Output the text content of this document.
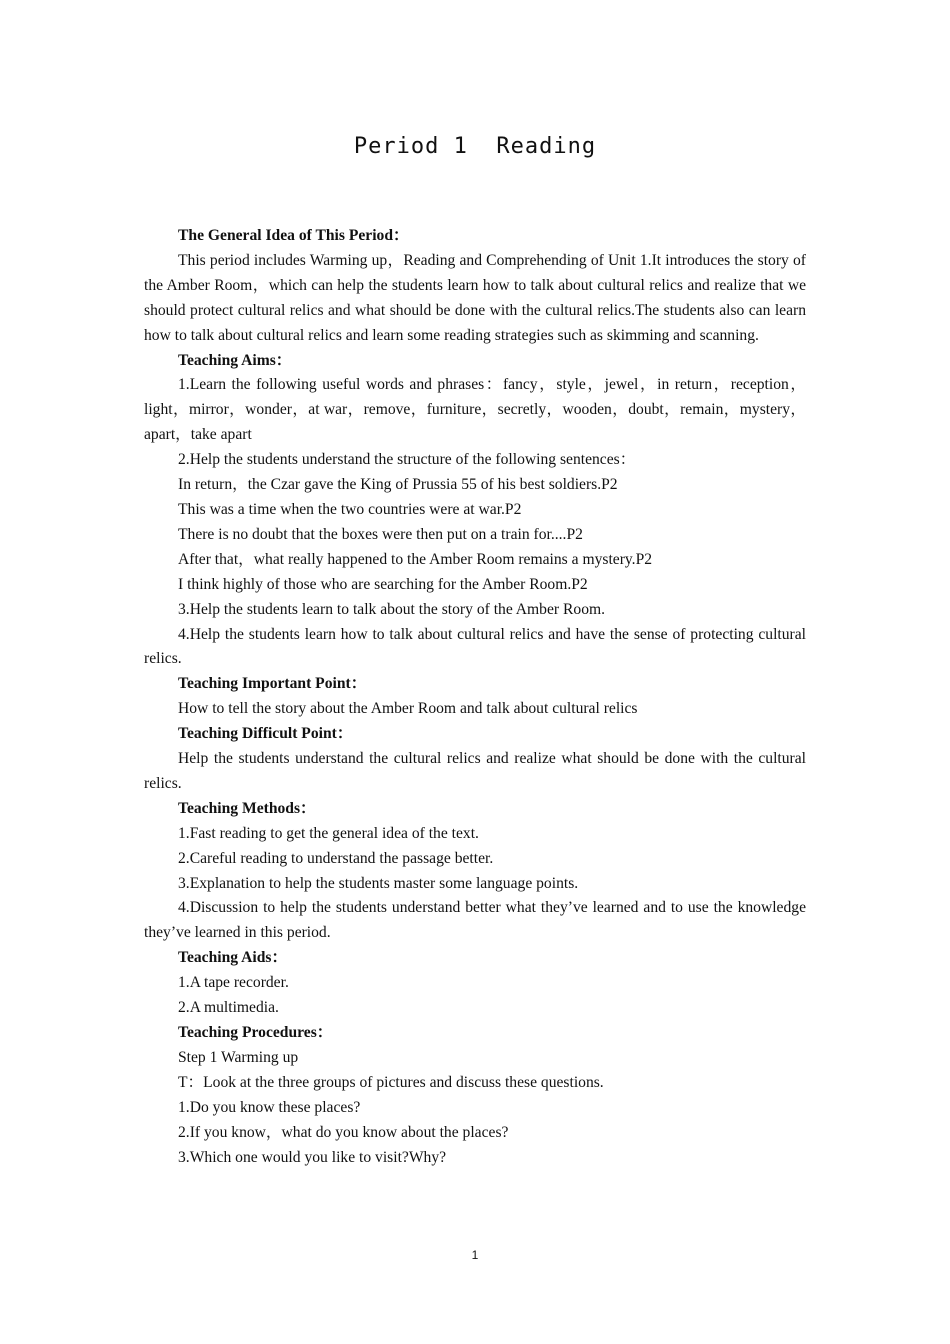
Period 1  Reading

The General Idea of This Period：

This period includes Warming up，Reading and Comprehending of Unit 1.It introduces the story of the Amber Room，which can help the students learn how to talk about cultural relics and realize that we should protect cultural relics and what should be done with the cultural relics.The students also can learn how to talk about cultural relics and learn some reading strategies such as skimming and scanning.

Teaching Aims：

1.Learn the following useful words and phrases：fancy，style，jewel，in return，reception，light，mirror，wonder，at war，remove，furniture，secretly，wooden，doubt，remain，mystery，apart，take apart

2.Help the students understand the structure of the following sentences：

In return，the Czar gave the King of Prussia 55 of his best soldiers.P2

This was a time when the two countries were at war.P2

There is no doubt that the boxes were then put on a train for....P2

After that，what really happened to the Amber Room remains a mystery.P2

I think highly of those who are searching for the Amber Room.P2

3.Help the students learn to talk about the story of the Amber Room.

4.Help the students learn how to talk about cultural relics and have the sense of protecting cultural relics.

Teaching Important Point：

How to tell the story about the Amber Room and talk about cultural relics

Teaching Difficult Point：

Help the students understand the cultural relics and realize what should be done with the cultural relics.

Teaching Methods：

1.Fast reading to get the general idea of the text.

2.Careful reading to understand the passage better.

3.Explanation to help the students master some language points.

4.Discussion to help the students understand better what they’ve learned and to use the knowledge they’ve learned in this period.

Teaching Aids：

1.A tape recorder.

2.A multimedia.

Teaching Procedures：

Step 1 Warming up

T：Look at the three groups of pictures and discuss these questions.

1.Do you know these places?

2.If you know，what do you know about the places?

3.Which one would you like to visit?Why?

1
